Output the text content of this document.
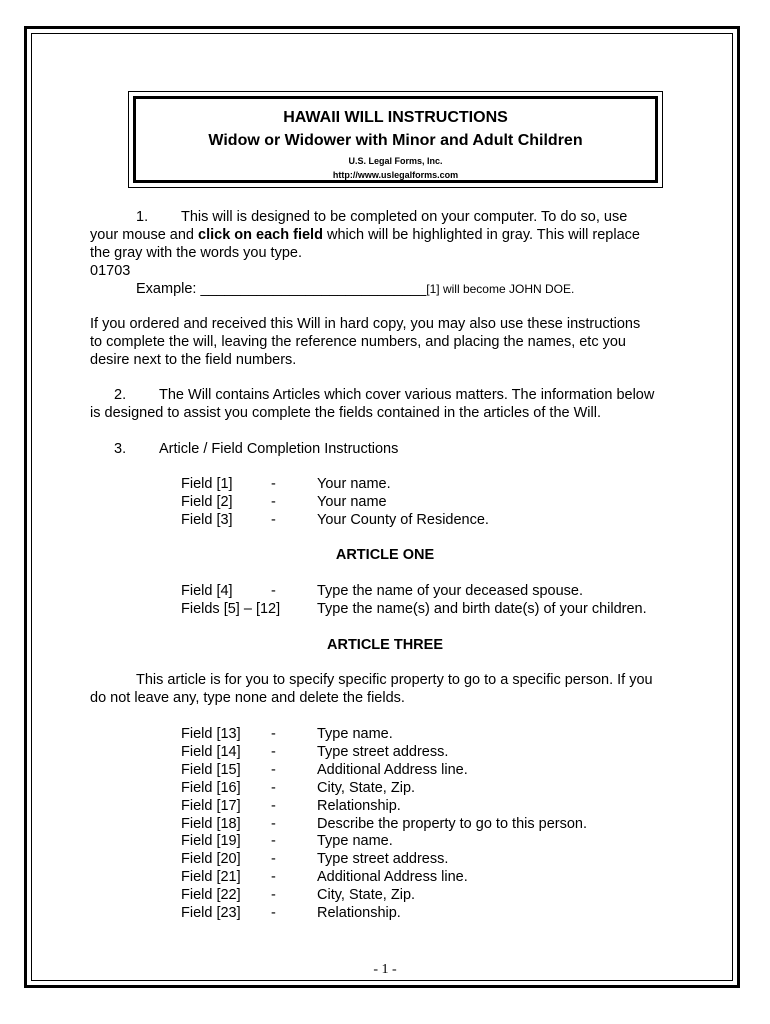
HAWAII WILL INSTRUCTIONS
Widow or Widower with Minor and Adult Children
U.S. Legal Forms, Inc.
http://www.uslegalforms.com
1. This will is designed to be completed on your computer. To do so, use
your mouse and click on each field which will be highlighted in gray. This will replace
the gray with the words you type.
01703
Example: ____________________________[1] will become JOHN DOE.
If you ordered and received this Will in hard copy, you may also use these instructions
to complete the will, leaving the reference numbers, and placing the names, etc you
desire next to the field numbers.
2. The Will contains Articles which cover various matters. The information below
is designed to assist you complete the fields contained in the articles of the Will.
3. Article / Field Completion Instructions
Field [1]	-	Your name.
Field [2]	-	Your name
Field [3]	-	Your County of Residence.
ARTICLE ONE
Field [4]	-	Type the name of your deceased spouse.
Fields [5] – [12]	Type the name(s) and birth date(s) of your children.
ARTICLE THREE
This article is for you to specify specific property to go to a specific person. If you
do not leave any, type none and delete the fields.
Field [13] -	Type name.
Field [14] -	Type street address.
Field [15] -	Additional Address line.
Field [16] -	City, State, Zip.
Field [17] -	Relationship.
Field [18] -	Describe the property to go to this person.
Field [19] -	Type name.
Field [20] -	Type street address.
Field [21] -	Additional Address line.
Field [22] -	City, State, Zip.
Field [23] -	Relationship.
- 1 -
